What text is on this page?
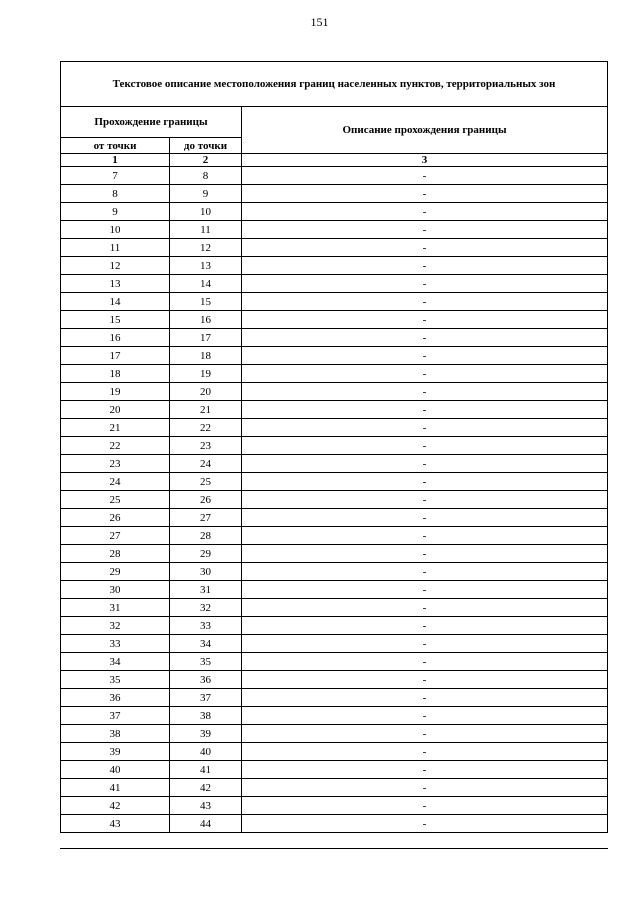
151
Текстовое описание местоположения границ населенных пунктов, территориальных зон		
Прохождение границы		Описание прохождения границы
от точки	до точки	
1	2	3
7	8	-
8	9	-
9	10	-
10	11	-
11	12	-
12	13	-
13	14	-
14	15	-
15	16	-
16	17	-
17	18	-
18	19	-
19	20	-
20	21	-
21	22	-
22	23	-
23	24	-
24	25	-
25	26	-
26	27	-
27	28	-
28	29	-
29	30	-
30	31	-
31	32	-
32	33	-
33	34	-
34	35	-
35	36	-
36	37	-
37	38	-
38	39	-
39	40	-
40	41	-
41	42	-
42	43	-
43	44	-
